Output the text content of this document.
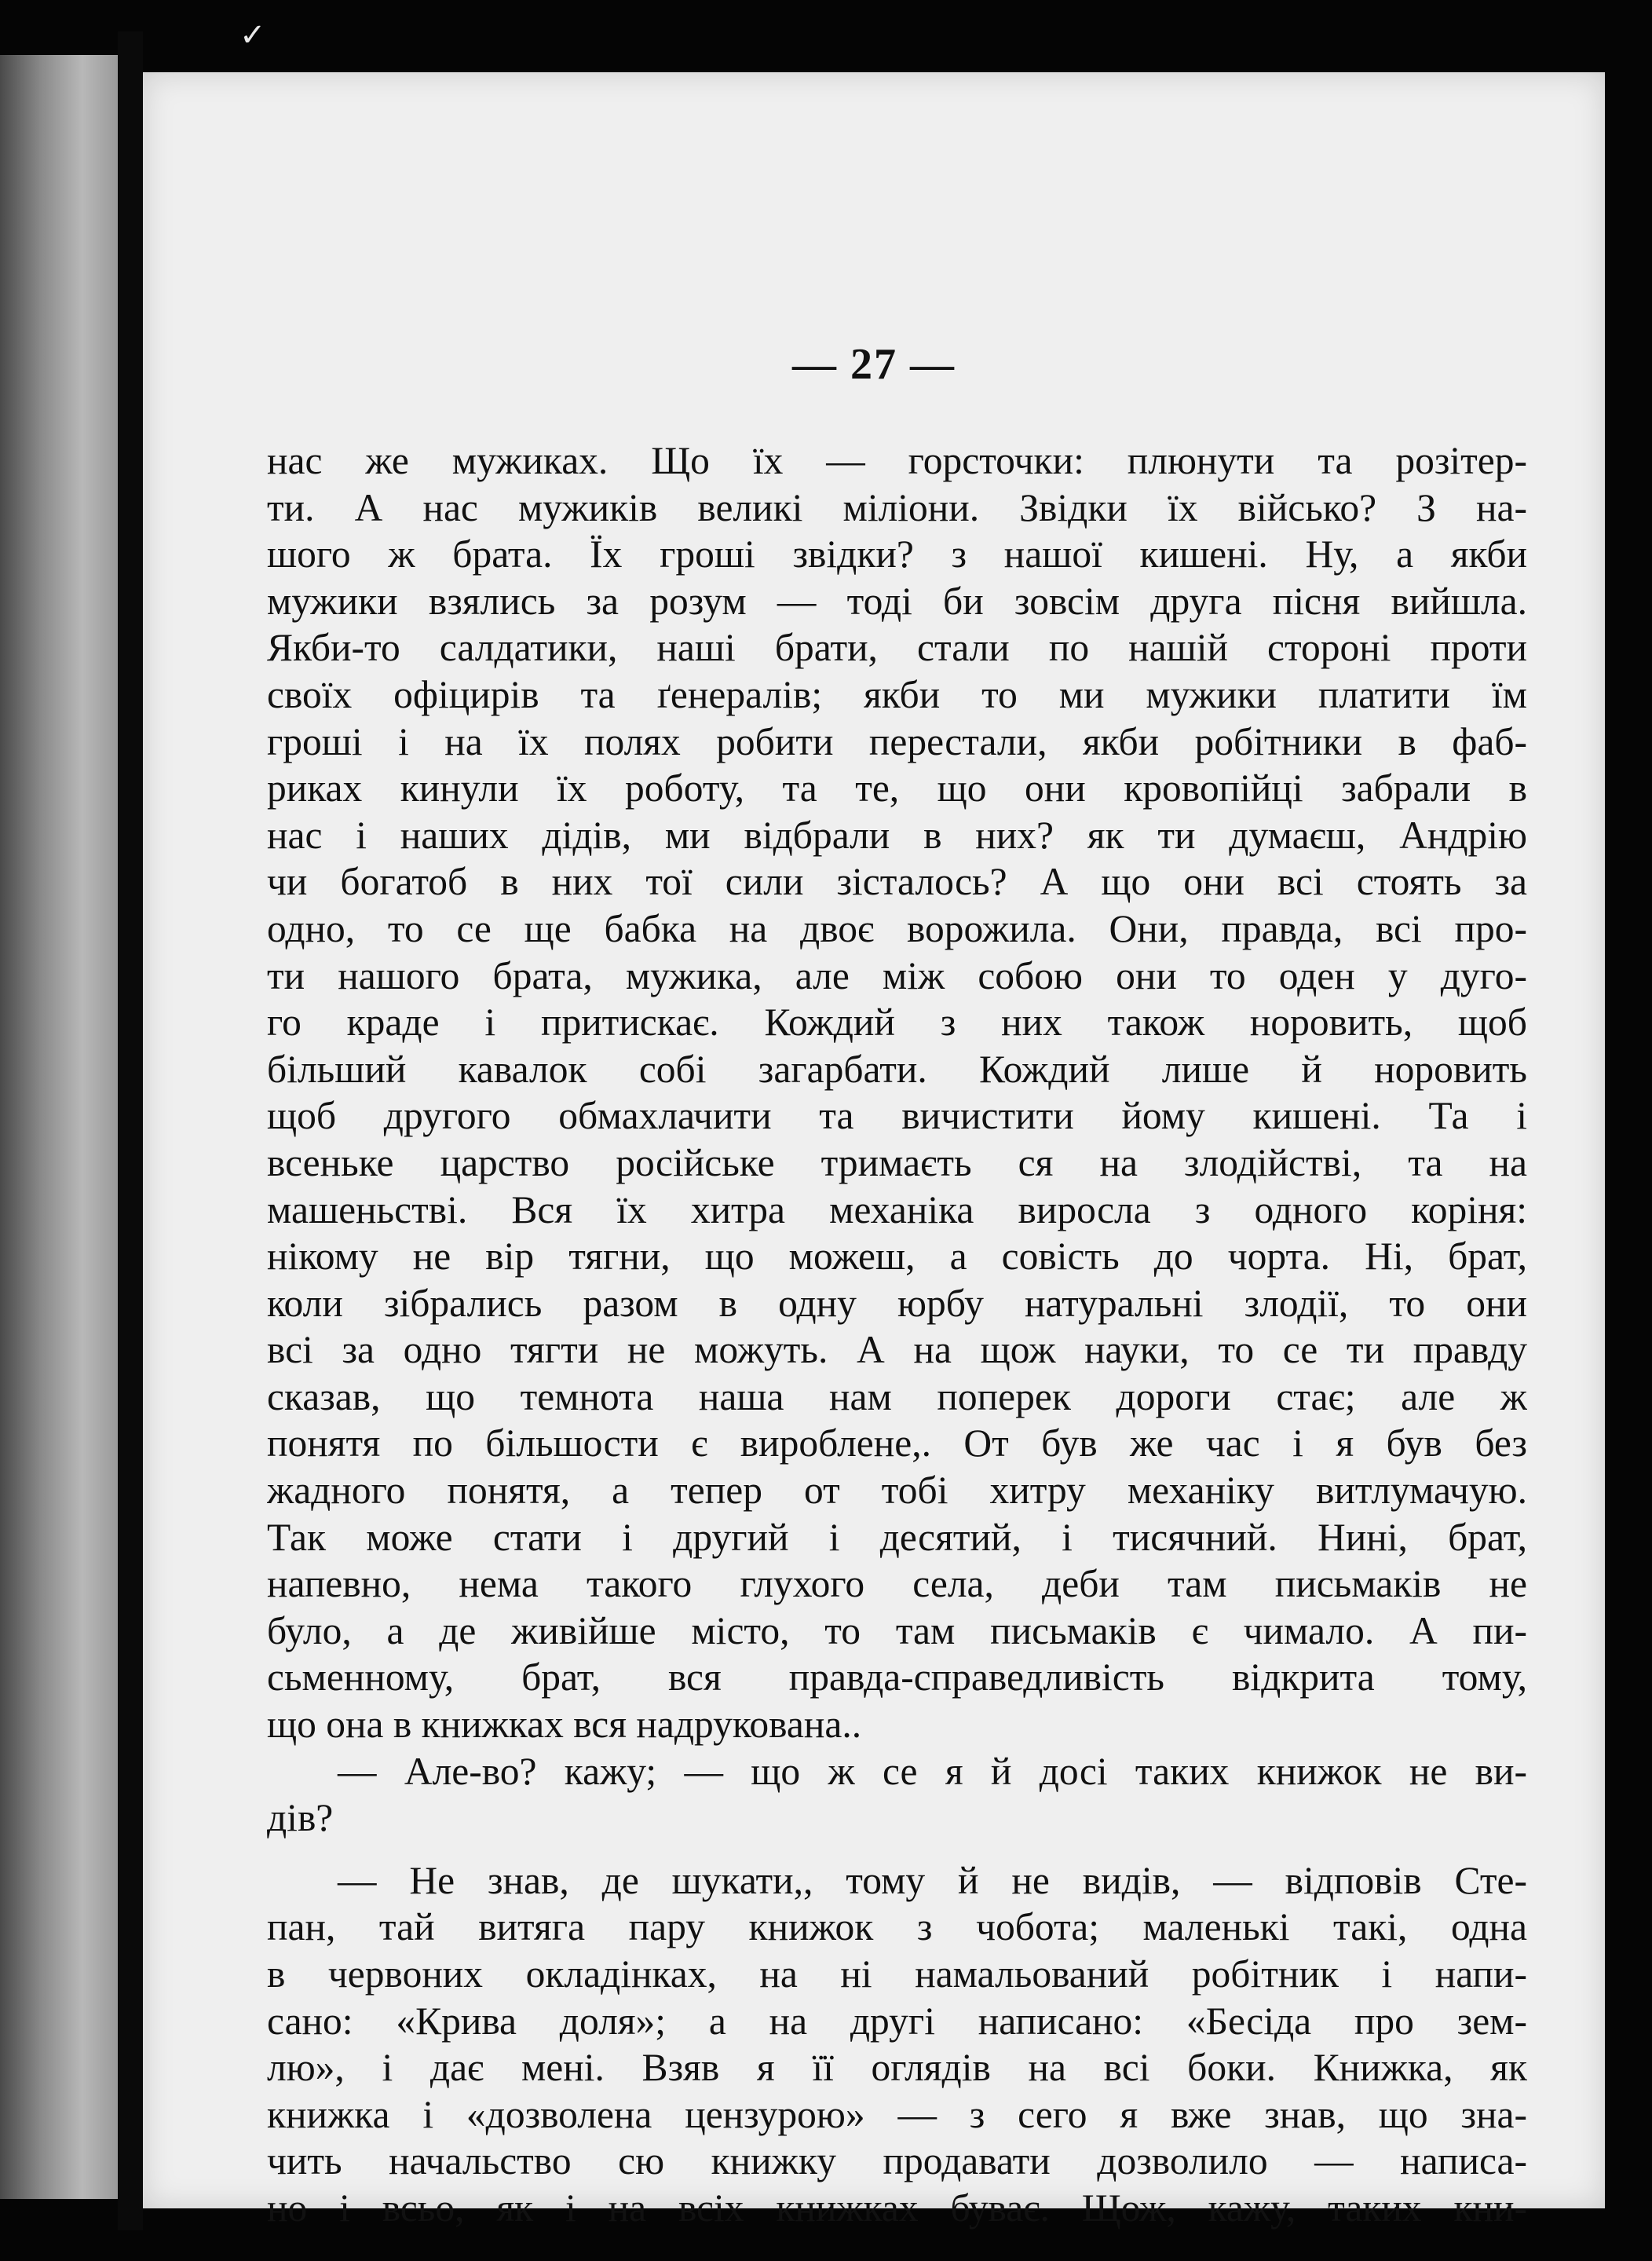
✓
— 27 —
нас же мужиках. Що їх — горсточки: плюнути та розітер-
ти. А нас мужиків великі міліони. Звідки їх військо? З на-
шого ж брата. Їх гроші звідки? з нашої кишені. Ну, а якби
мужики взялись за розум — тоді би зовсім друга пісня вийшла.
Якби-то салдатики, наші брати, стали по нашій стороні проти
своїх офіцирів та ґенералів; якби то ми мужики платити їм
гроші і на їх полях робити перестали, якби робітники в фаб-
риках кинули їх роботу, та те, що они кровопійці забрали в
нас і наших дідів, ми відбрали в них? як ти думаєш, Андрію
чи богатоб в них тої сили зісталось? А що они всі стоять за
одно, то се ще бабка на двоє ворожила. Они, правда, всі про-
ти нашого брата, мужика, але між собою они то оден у дуго-
го краде і притискає. Кождий з них також норовить, щоб
більший кавалок собі загарбати. Кождий лише й норовить
щоб другого обмахлачити та вичистити йому кишені. Та і
всеньке царство російське тримаєть ся на злодійстві, та на
машеньстві. Вся їх хитра механіка виросла з одного коріня:
нікому не вір тягни, що можеш, а совість до чорта. Ні, брат,
коли зібрались разом в одну юрбу натуральні злодії, то они
всі за одно тягти не можуть. А на щож науки, то се ти правду
сказав, що темнота наша нам поперек дороги стає; але ж
понятя по більшости є вироблене,. От був же час і я був без
жадного понятя, а тепер от тобі хитру механіку витлумачую.
Так може стати і другий і десятий, і тисячний. Нині, брат,
напевно, нема такого глухого села, деби там письмаків не
було, а де живійше місто, то там письмаків є чимало. А пи-
сьменному, брат, вся правда-справедливість відкрита тому,
що она в книжках вся надрукована..
— Але-во? кажу; — що ж се я й досі таких книжок не ви-
дів?
— Не знав, де шукати,, тому й не видів, — відповів Сте-
пан, тай витяга пару книжок з чобота; маленькі такі, одна
в червоних окладінках, на ні намальований робітник і напи-
сано: «Крива доля»; а на другі написано: «Бесіда про зем-
лю», і дає мені. Взяв я її оглядів на всі боки. Книжка, як
книжка і «дозволена цензурою» — з сего я вже знав, що зна-
чить начальство сю книжку продавати дозволило — написа-
но і всьо, як і на всіх книжках буває. Щож, кажу, таких кни-
